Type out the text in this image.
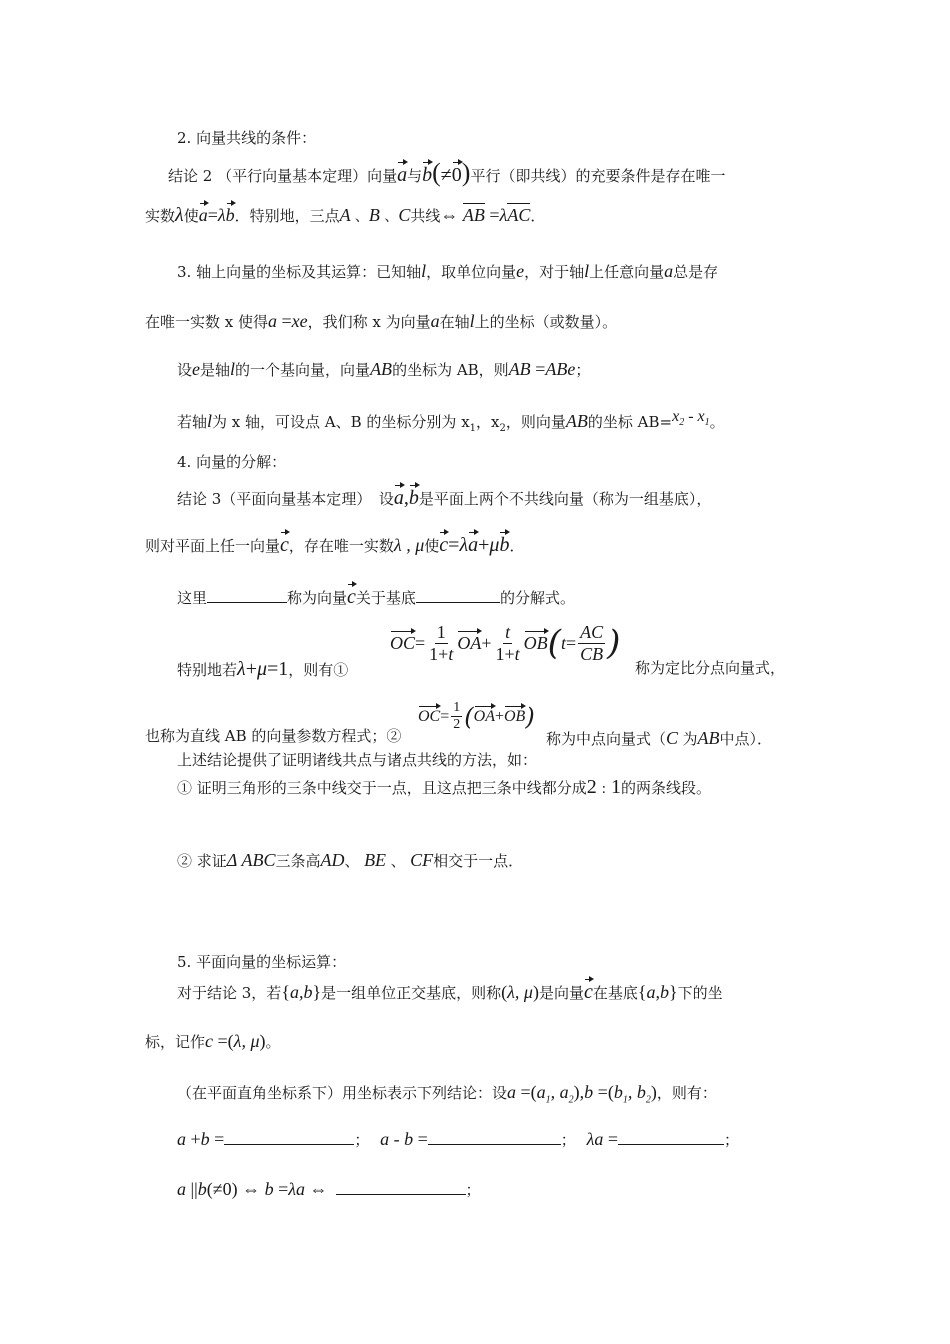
2. 向量共线的条件：
结论 2 （平行向量基本定理）向量a与b(≠0)平行（即共线）的充要条件是存在唯一
实数λ使a=λb．特别地，三点A 、B 、C共线⇔ AB =λAC．
3. 轴上向量的坐标及其运算：已知轴l，取单位向量e，对于轴l上任意向量a总是存
在唯一实数 x 使得a =xe，我们称 x 为向量a在轴l上的坐标（或数量）。
设e是轴l的一个基向量，向量AB的坐标为 AB，则AB =ABe；
若轴l为 x 轴，可设点 A、B 的坐标分别为 $x_1$，$x_2$，则向量AB的坐标 $AB=x_2 - x_1$。
4. 向量的分解：
结论 3（平面向量基本定理）　设a,b是平面上两个不共线向量（称为一组基底），
则对平面上任一向量c，存在唯一实数λ , μ使c=λa+μb．
这里	称为向量c关于基底	的分解式。
特别地若λ+μ=1，则有①
OC = $\frac{1}{1+t}$ OA + $\frac{t}{1+t}$ OB ( $t = \frac{AC}{CB}$ )
称为定比分点向量式，
也称为直线 AB 的向量参数方程式；②
OC = $\frac{1}{2}$ ( OA + OB )
称为中点向量式（C 为AB中点）．
上述结论提供了证明诸线共点与诸点共线的方法，如：
① 证明三角形的三条中线交于一点，且这点把三条中线都分成2 : 1的两条线段。
② 求证Δ ABC三条高AD、 BE 、 CF相交于一点．
5. 平面向量的坐标运算：
对于结论 3，若{a,b}是一组单位正交基底，则称(λ, μ)是向量c在基底{a,b}下的坐
标，记作c =(λ, μ)。
（在平面直角坐标系下）用坐标表示下列结论：设$a =(a_1$, $a_2),b =(b_1$, $b_2$)，则有：
a +b =	； a - b =	； λa =	；
a ||b(≠0) ⇔ b =λa ⇔	；
